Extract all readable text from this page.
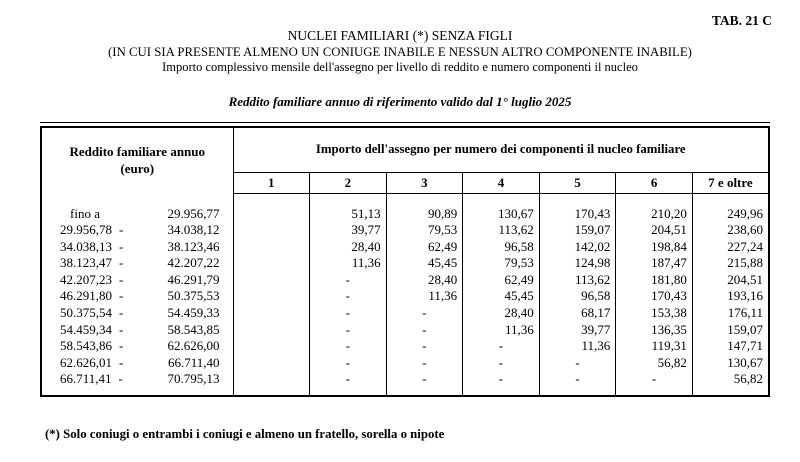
TAB. 21 C
NUCLEI FAMILIARI (*) SENZA FIGLI
(IN CUI SIA PRESENTE ALMENO UN CONIUGE INABILE E NESSUN ALTRO COMPONENTE INABILE)
Importo complessivo mensile dell'assegno per livello di reddito e numero componenti il nucleo
Reddito familiare annuo di riferimento valido dal 1° luglio 2025
Reddito familiare annuo
(euro)	Importo dell'assegno per numero dei componenti il nucleo familiare						
	1	2	3	4	5	6	7 e oltre

fino a 29.956,77		51,13	90,89	130,67	170,43	210,20	249,96

29.956,78 - 34.038,12		39,77	79,53	113,62	159,07	204,51	238,60

34.038,13 - 38.123,46		28,40	62,49	96,58	142,02	198,84	227,24

38.123,47 - 42.207,22		11,36	45,45	79,53	124,98	187,47	215,88

42.207,23 - 46.291,79		-	28,40	62,49	113,62	181,80	204,51

46.291,80 - 50.375,53		-	11,36	45,45	96,58	170,43	193,16

50.375,54 - 54.459,33		-	-	28,40	68,17	153,38	176,11

54.459,34 - 58.543,85		-	-	11,36	39,77	136,35	159,07

58.543,86 - 62.626,00		-	-	-	11,36	119,31	147,71

62.626,01 - 66.711,40		-	-	-	-	56,82	130,67

66.711,41 - 70.795,13		-	-	-	-	-	56,82
(*) Solo coniugi o entrambi i coniugi e almeno un fratello, sorella o nipote
